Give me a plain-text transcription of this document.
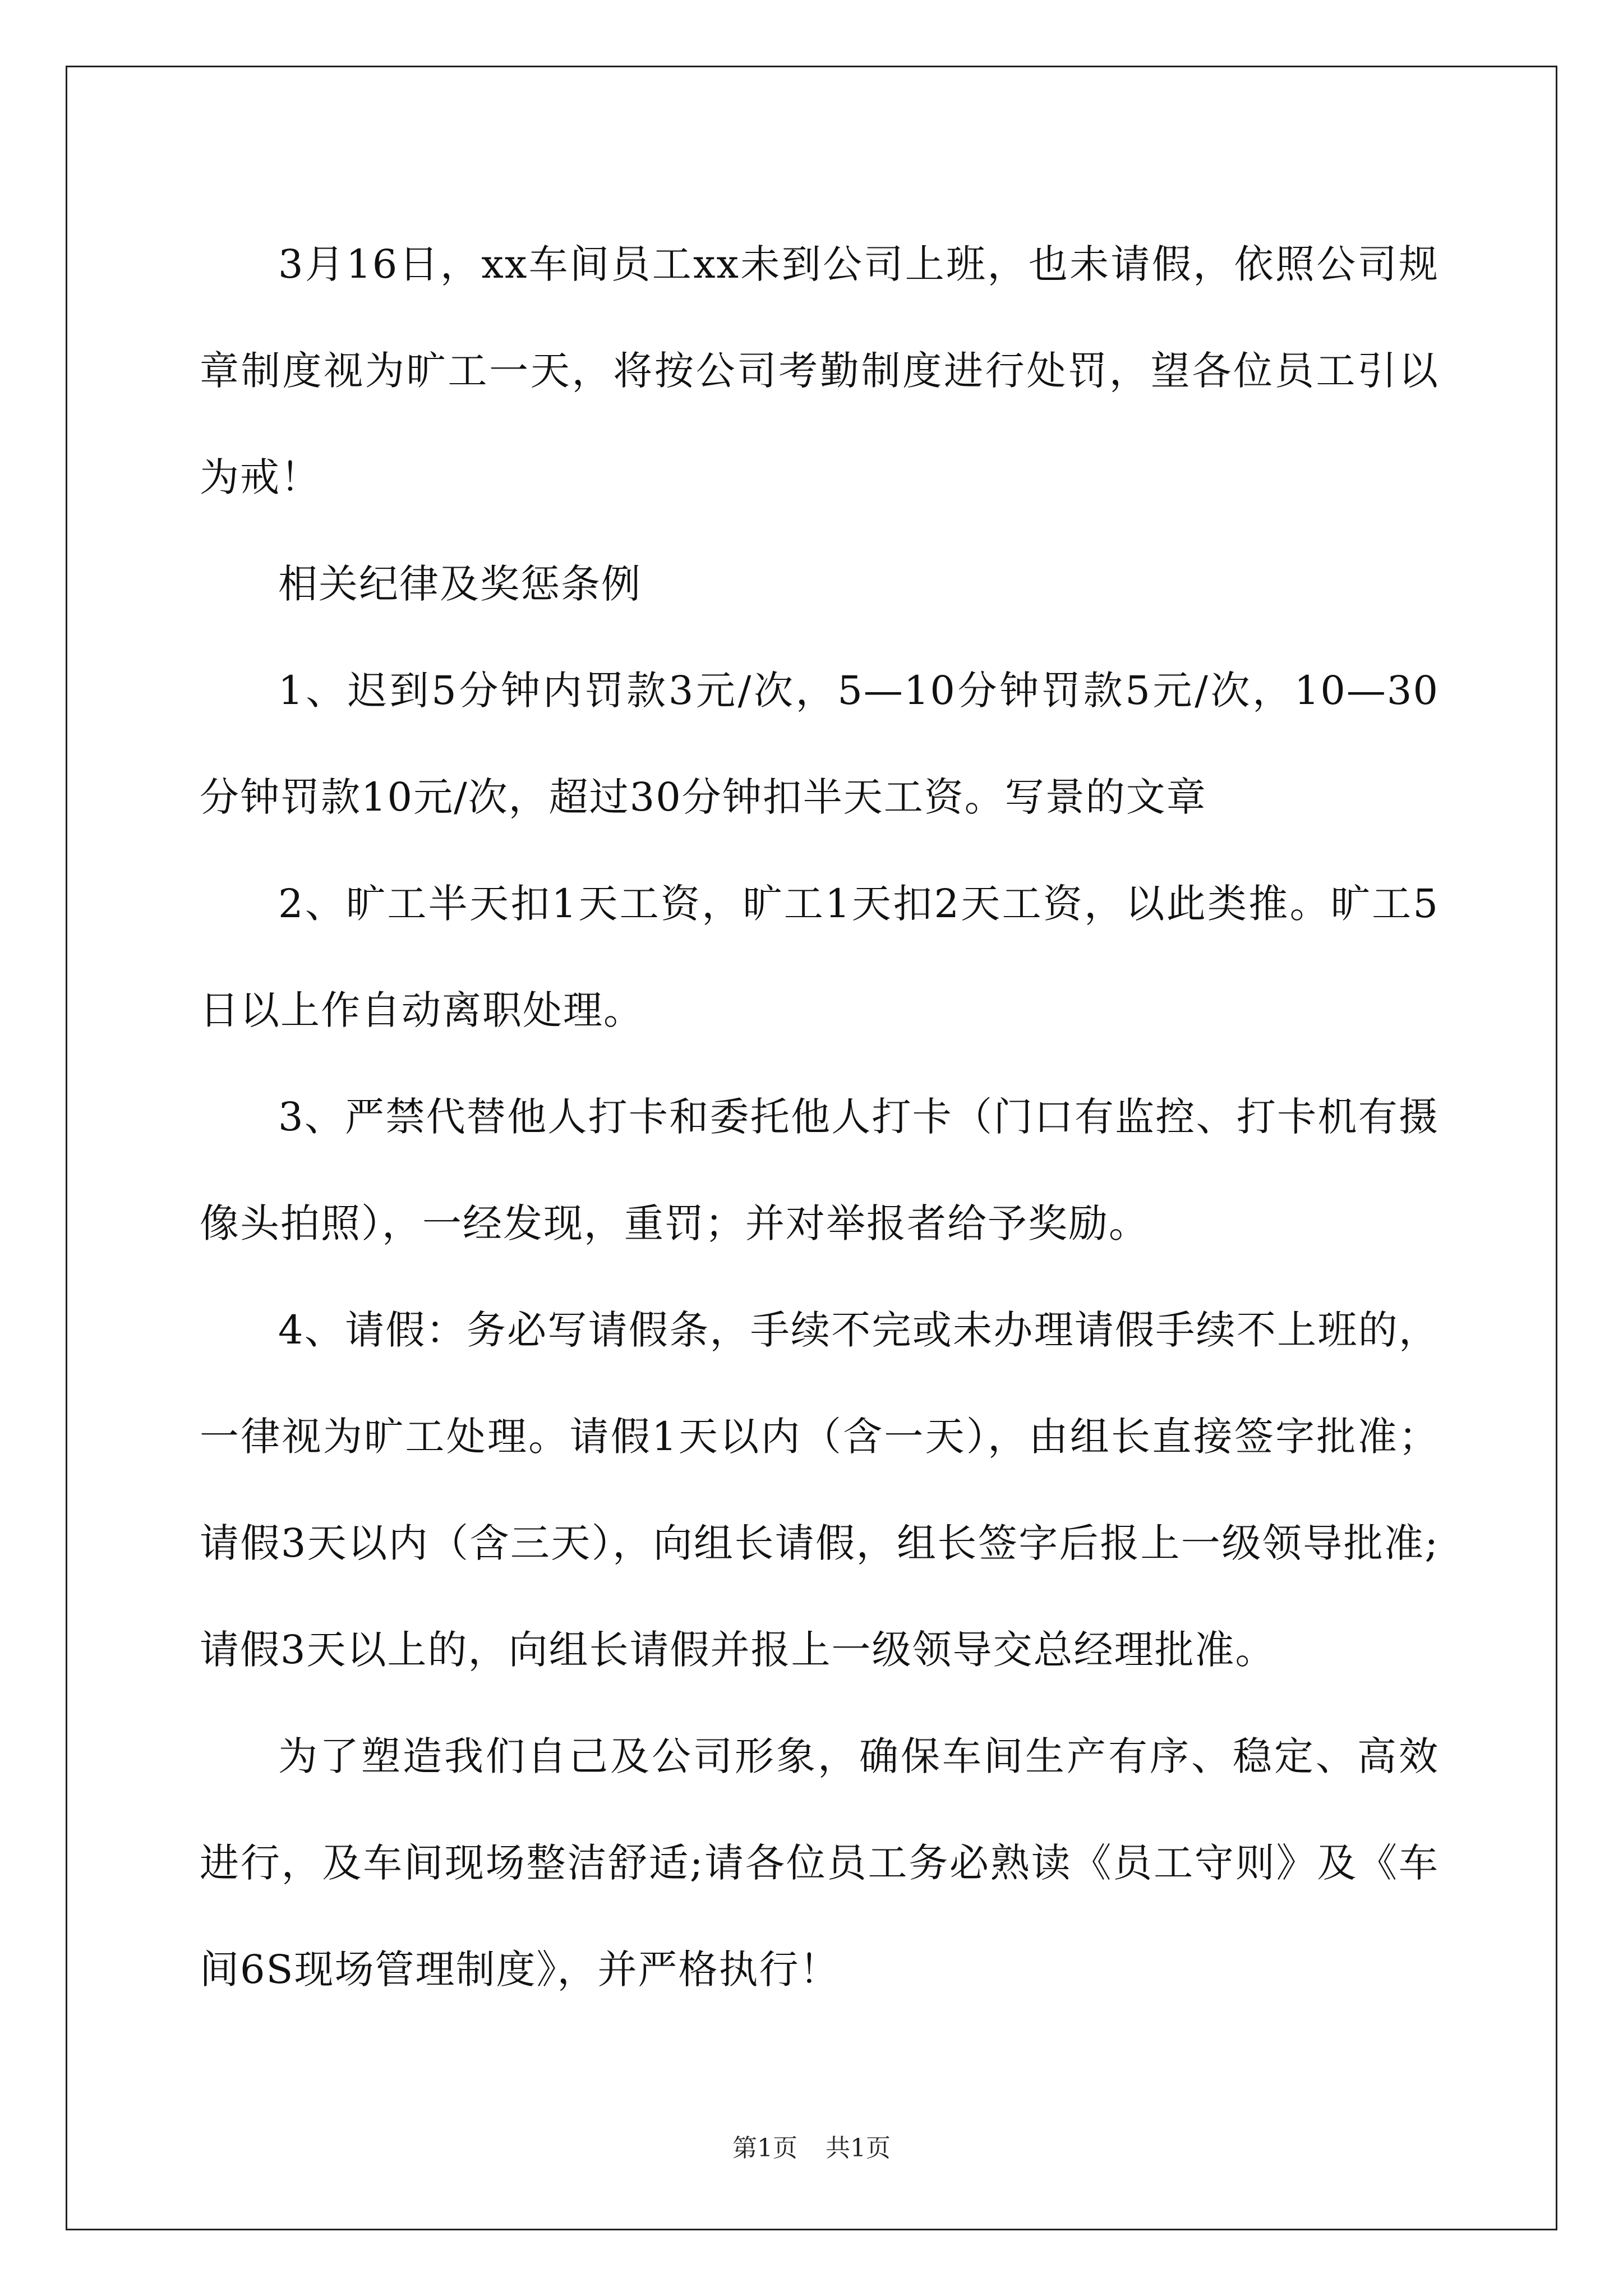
3月16日，xx车间员工xx未到公司上班，也未请假，依照公司规章制度视为旷工一天，将按公司考勤制度进行处罚，望各位员工引以为戒！

相关纪律及奖惩条例

1、迟到5分钟内罚款3元/次，5—10分钟罚款5元/次，10—30分钟罚款10元/次，超过30分钟扣半天工资。写景的文章

2、旷工半天扣1天工资，旷工1天扣2天工资，以此类推。旷工5日以上作自动离职处理。

3、严禁代替他人打卡和委托他人打卡（门口有监控、打卡机有摄像头拍照），一经发现，重罚；并对举报者给予奖励。

4、请假：务必写请假条，手续不完或未办理请假手续不上班的，一律视为旷工处理。请假1天以内（含一天），由组长直接签字批准；请假3天以内（含三天），向组长请假，组长签字后报上一级领导批准;请假3天以上的，向组长请假并报上一级领导交总经理批准。

为了塑造我们自己及公司形象，确保车间生产有序、稳定、高效进行，及车间现场整洁舒适;请各位员工务必熟读《员工守则》及《车间6S现场管理制度》，并严格执行！

第1页 共1页
